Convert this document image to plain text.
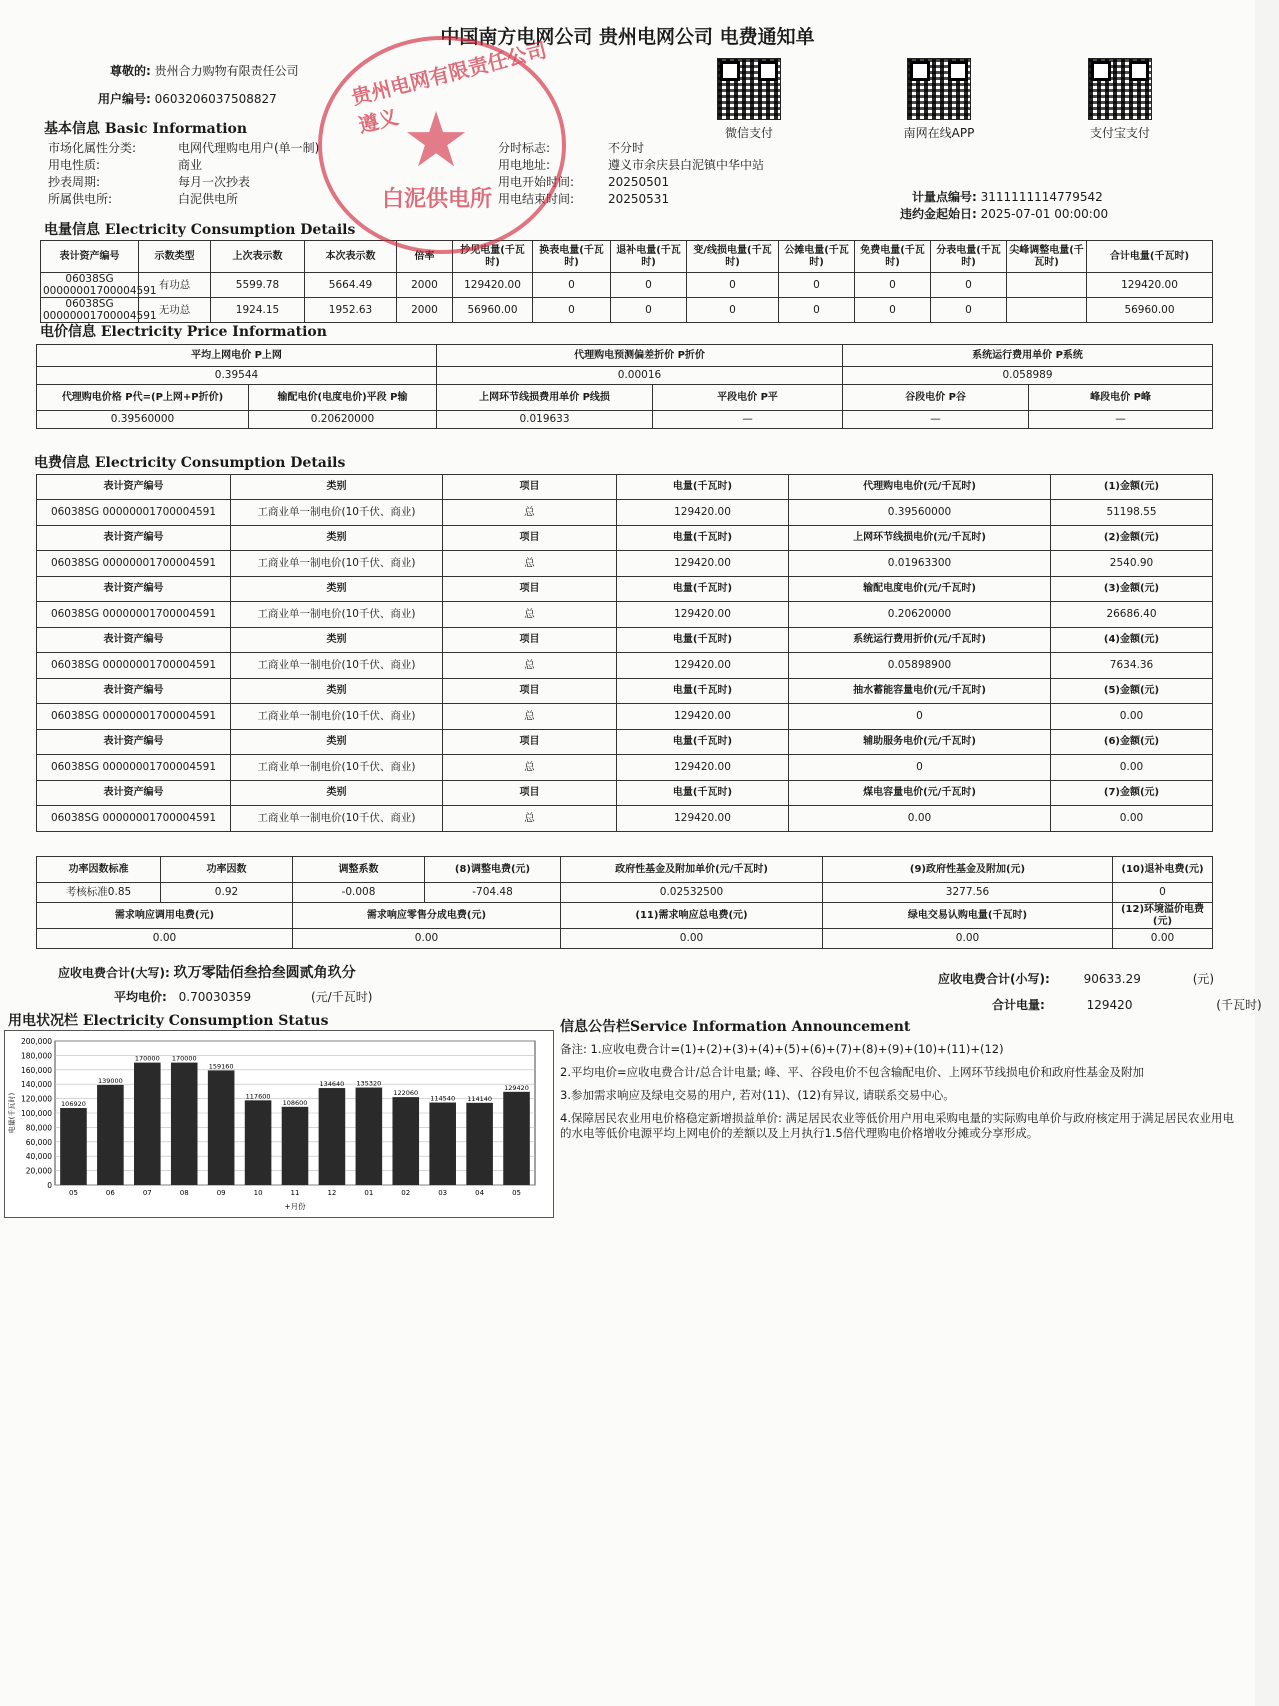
中国南方电网公司 贵州电网公司 电费通知单
尊敬的: 贵州合力购物有限责任公司
用户编号: 0603206037508827
微信支付	南网在线APP	支付宝支付
基本信息 Basic Information
市场化属性分类:	电网代理购电用户(单一制)	分时标志:	不分时
用电性质:	商业	用电地址:	遵义市余庆县白泥镇中华中站
抄表周期:	每月一次抄表	用电开始时间:	20250501
所属供电所:	白泥供电所	用电结束时间:	20250531	计量点编号: 3111111114779542
违约金起始日: 2025-07-01 00:00:00
电量信息 Electricity Consumption Details
表计资产编号	示数类型	上次表示数	本次表示数	倍率	抄见电量(千瓦时)	换表电量(千瓦时)	退补电量(千瓦时)	变/线损电量(千瓦时)	公摊电量(千瓦时)	免费电量(千瓦时)	分表电量(千瓦时)	尖峰调整电量(千瓦时)	合计电量(千瓦时)
06038SG 00000001700004591	有功总	5599.78	5664.49	2000	129420.00	0	0	0	0	0	0		129420.00
06038SG 00000001700004591	无功总	1924.15	1952.63	2000	56960.00	0	0	0	0	0	0		56960.00
电价信息 Electricity Price Information
平均上网电价 P上网		代理购电预测偏差折价 P折价		系统运行费用单价 P系统	
0.39544		0.00016		0.058989	
代理购电价格 P代=(P上网+P折价)	输配电价(电度电价)平段 P输	上网环节线损费用单价 P线损	平段电价 P平	谷段电价 P谷	峰段电价 P峰
0.39560000	0.20620000	0.019633	—	—	—
电费信息 Electricity Consumption Details
表计资产编号	类别	项目	电量(千瓦时)	代理购电电价(元/千瓦时)	(1)金额(元)
06038SG 00000001700004591	工商业单一制电价(10千伏、商业)	总	129420.00	0.39560000	51198.55
表计资产编号	类别	项目	电量(千瓦时)	上网环节线损电价(元/千瓦时)	(2)金额(元)
06038SG 00000001700004591	工商业单一制电价(10千伏、商业)	总	129420.00	0.01963300	2540.90
表计资产编号	类别	项目	电量(千瓦时)	输配电度电价(元/千瓦时)	(3)金额(元)
06038SG 00000001700004591	工商业单一制电价(10千伏、商业)	总	129420.00	0.20620000	26686.40
表计资产编号	类别	项目	电量(千瓦时)	系统运行费用折价(元/千瓦时)	(4)金额(元)
06038SG 00000001700004591	工商业单一制电价(10千伏、商业)	总	129420.00	0.05898900	7634.36
表计资产编号	类别	项目	电量(千瓦时)	抽水蓄能容量电价(元/千瓦时)	(5)金额(元)
06038SG 00000001700004591	工商业单一制电价(10千伏、商业)	总	129420.00	0	0.00
表计资产编号	类别	项目	电量(千瓦时)	辅助服务电价(元/千瓦时)	(6)金额(元)
06038SG 00000001700004591	工商业单一制电价(10千伏、商业)	总	129420.00	0	0.00
表计资产编号	类别	项目	电量(千瓦时)	煤电容量电价(元/千瓦时)	(7)金额(元)
06038SG 00000001700004591	工商业单一制电价(10千伏、商业)	总	129420.00	0.00	0.00
功率因数标准	功率因数	调整系数	(8)调整电费(元)	政府性基金及附加单价(元/千瓦时)	(9)政府性基金及附加(元)	(10)退补电费(元)
考核标准0.85	0.92	-0.008	-704.48	0.02532500	3277.56	0
需求响应调用电费(元)		需求响应零售分成电费(元)		(11)需求响应总电费(元)	绿电交易认购电量(千瓦时)	(12)环境溢价电费(元)
0.00		0.00		0.00	0.00	0.00
应收电费合计(大写): 玖万零陆佰叁拾叁圆贰角玖分
平均电价: 0.70030359	(元/千瓦时)
应收电费合计(小写):	90633.29	(元)
合计电量:	129420	(千瓦时)
用电状况栏 Electricity Consumption Status
0
20,000
40,000
60,000
80,000
100,000
120,000
140,000
160,000
180,000
200,000
电量(千瓦时)	106920
05
139000
06
170000
07
170000
08
159160
09
117600
10
108600
11
134640
12
135320
01
122060
02
114540
03
114140
04
129420
05
+月份
信息公告栏Service Information Announcement

备注: 1.应收电费合计=(1)+(2)+(3)+(4)+(5)+(6)+(7)+(8)+(9)+(10)+(11)+(12)

2.平均电价=应收电费合计/总合计电量; 峰、平、谷段电价不包含输配电价、上网环节线损电价和政府性基金及附加

3.参加需求响应及绿电交易的用户, 若对(11)、(12)有异议, 请联系交易中心。

4.保障居民农业用电价格稳定新增损益单价: 满足居民农业等低价用户用电采购电量的实际购电单价与政府核定用于满足居民农业用电的水电等低价电源平均上网电价的差额以及上月执行1.5倍代理购电价格增收分摊或分享形成。

贵州电网有限责任公司遵义 ★
白泥供电所
